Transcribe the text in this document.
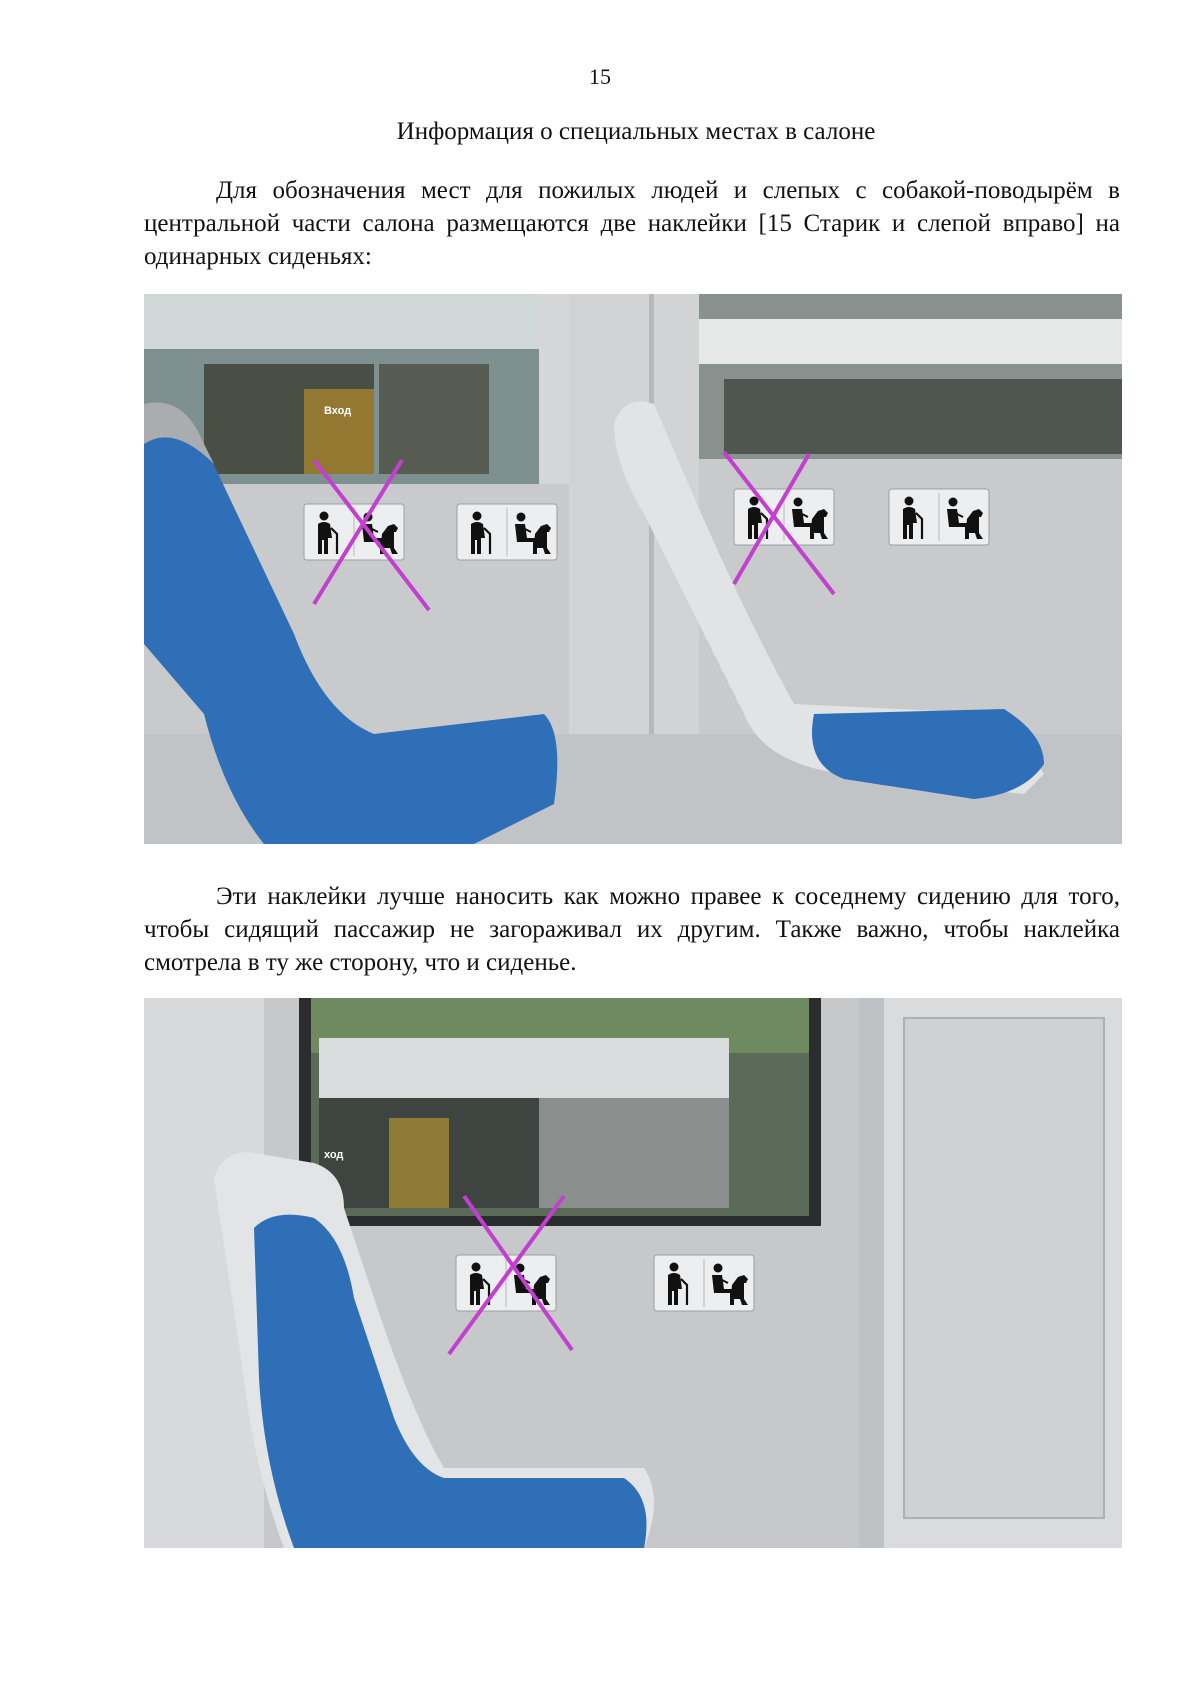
15
Информация о специальных местах в салоне

Для обозначения мест для пожилых людей и слепых с собакой-поводырём в центральной части салона размещаются две наклейки [15 Старик и слепой вправо] на одинарных сиденьях:

Вход

Эти наклейки лучше наносить как можно правее к соседнему сидению для того, чтобы сидящий пассажир не загораживал их другим. Также важно, чтобы наклейка смотрела в ту же сторону, что и сиденье.

ход
